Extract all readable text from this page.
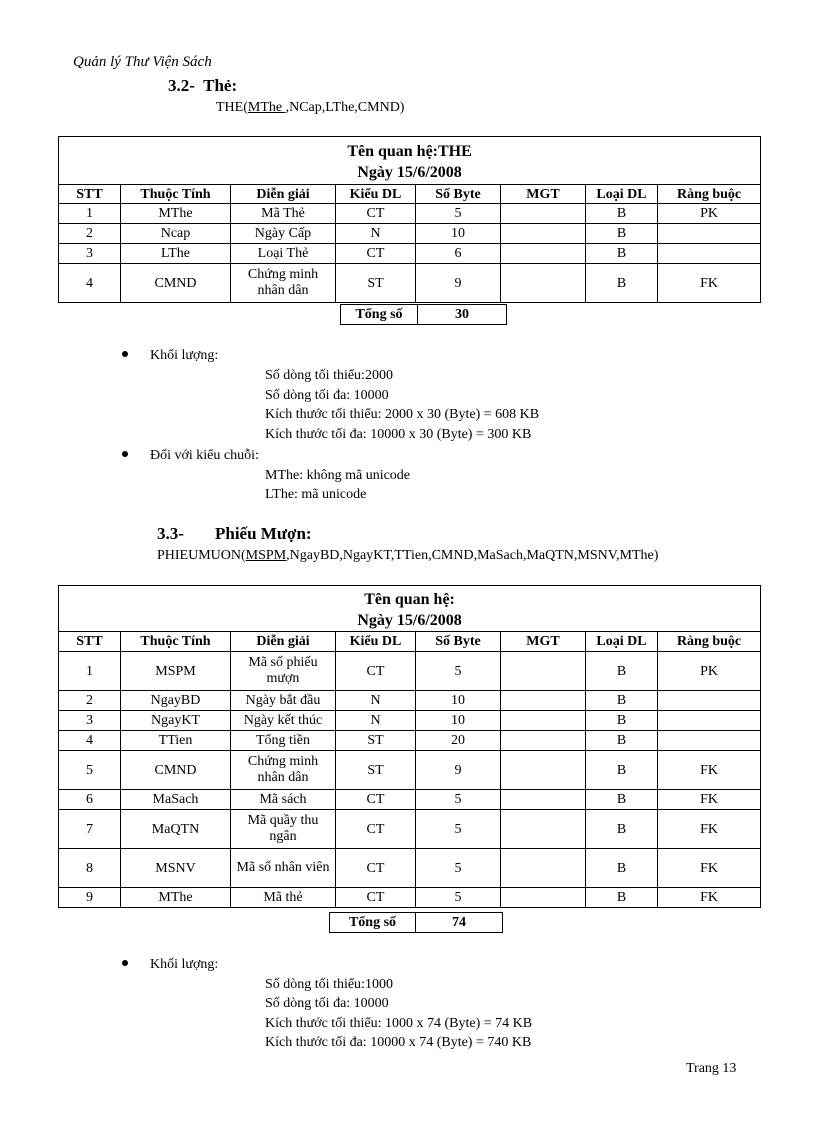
Quản lý Thư Viện Sách
3.2- Thẻ:
THE(MThe ,NCap,LThe,CMND)
Tên quan hệ:THE
Ngày 15/6/2008							

STT	Thuộc Tính	Diễn giải	Kiểu DL	Số Byte	MGT	Loại DL	Ràng buộc
1	MThe	Mã Thẻ	CT	5		B	PK
2	Ncap	Ngày Cấp	N	10		B	
3	LThe	Loại Thẻ	CT	6		B	
4	CMND	Chứng minh nhân dân	ST	9		B	FK
Tổng số	30
Khối lượng:
Số dòng tối thiểu:2000
Số dòng tối đa: 10000
Kích thước tối thiểu: 2000 x 30 (Byte) = 608 KB
Kích thước tối đa: 10000 x 30 (Byte) = 300 KB
Đối với kiểu chuỗi:
MThe: không mã unicode
LThe: mã unicode
3.3- Phiếu Mượn:
PHIEUMUON(MSPM,NgayBD,NgayKT,TTien,CMND,MaSach,MaQTN,MSNV,MThe)
Tên quan hệ:
Ngày 15/6/2008							

STT	Thuộc Tính	Diễn giải	Kiểu DL	Số Byte	MGT	Loại DL	Ràng buộc
1	MSPM	Mã số phiếu mượn	CT	5		B	PK
2	NgayBD	Ngày bắt đầu	N	10		B	
3	NgayKT	Ngày kết thúc	N	10		B	
4	TTien	Tổng tiền	ST	20		B	
5	CMND	Chứng minh nhân dân	ST	9		B	FK
6	MaSach	Mã sách	CT	5		B	FK
7	MaQTN	Mã quầy thu ngân	CT	5		B	FK
8	MSNV	Mã số nhân viên	CT	5		B	FK
9	MThe	Mã thẻ	CT	5		B	FK
Tổng số	74
Khối lượng:
Số dòng tối thiểu:1000
Số dòng tối đa: 10000
Kích thước tối thiểu: 1000 x 74 (Byte) = 74 KB
Kích thước tối đa: 10000 x 74 (Byte) = 740 KB
Trang 13
